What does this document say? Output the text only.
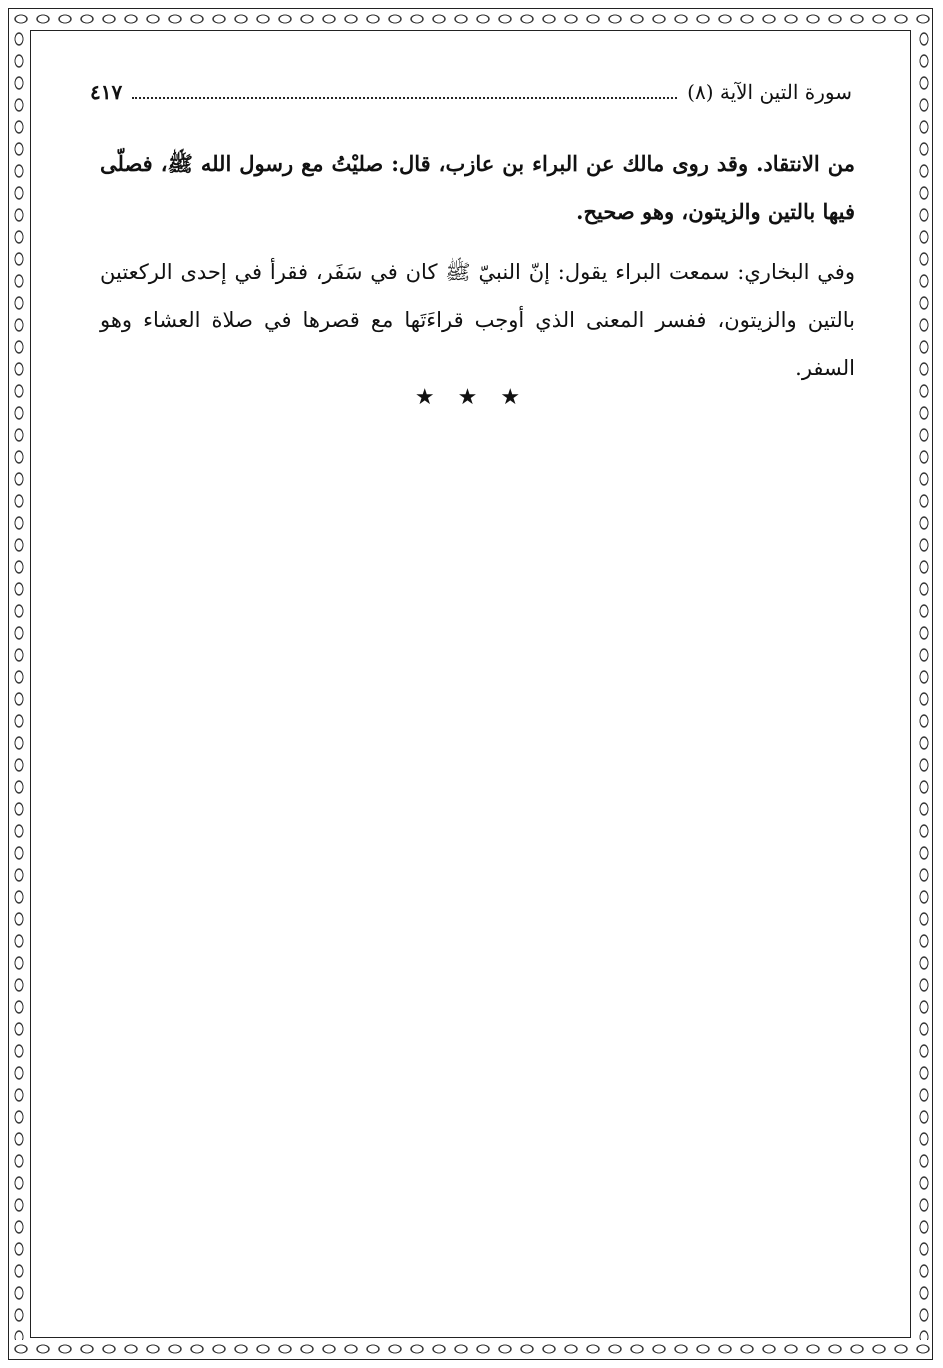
سورة التين الآية (٨)
٤١٧

من الانتقاد. وقد روى مالك عن البراء بن عازب، قال: صليْتُ مع رسول الله ﷺ، فصلّى فيها بالتين والزيتون، وهو صحيح.

وفي البخاري: سمعت البراء يقول: إنّ النبيّ ﷺ كان في سَفَر، فقرأ في إحدى الركعتين بالتين والزيتون، ففسر المعنى الذي أوجب قراءَتَها مع قصرها في صلاة العشاء وهو السفر.

★ ★ ★
